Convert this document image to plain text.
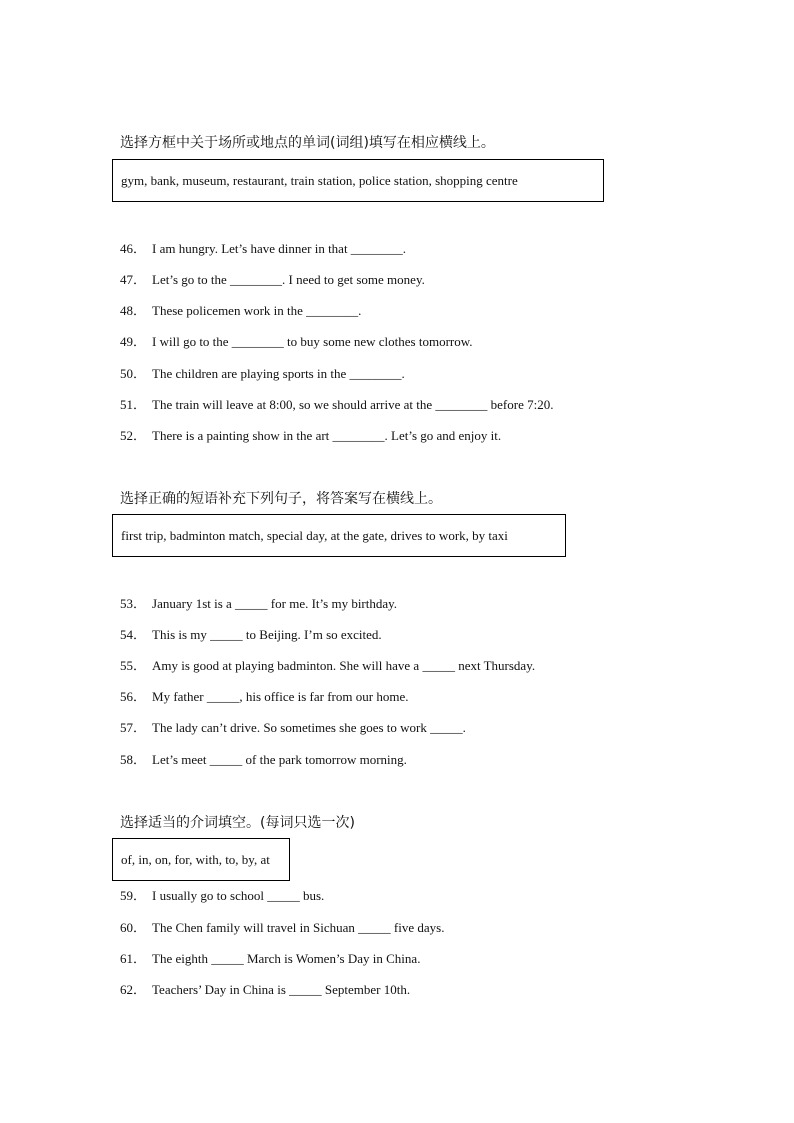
选择方框中关于场所或地点的单词(词组)填写在相应横线上。
gym, bank, museum, restaurant, train station, police station, shopping centre
46． I am hungry. Let’s have dinner in that ________.
47． Let’s go to the ________. I need to get some money.
48． These policemen work in the ________.
49． I will go to the ________ to buy some new clothes tomorrow.
50． The children are playing sports in the ________.
51． The train will leave at 8:00, so we should arrive at the ________ before 7:20.
52． There is a painting show in the art ________. Let’s go and enjoy it.
选择正确的短语补充下列句子，将答案写在横线上。
first trip, badminton match, special day, at the gate, drives to work, by taxi
53． January 1st is a _____ for me. It’s my birthday.
54． This is my _____ to Beijing. I’m so excited.
55． Amy is good at playing badminton. She will have a _____ next Thursday.
56． My father _____, his office is far from our home.
57． The lady can’t drive. So sometimes she goes to work _____.
58． Let’s meet _____ of the park tomorrow morning.
选择适当的介词填空。(每词只选一次)
of, in, on, for, with, to, by, at
59． I usually go to school _____ bus.
60． The Chen family will travel in Sichuan _____ five days.
61． The eighth _____ March is Women’s Day in China.
62． Teachers’ Day in China is _____ September 10th.
